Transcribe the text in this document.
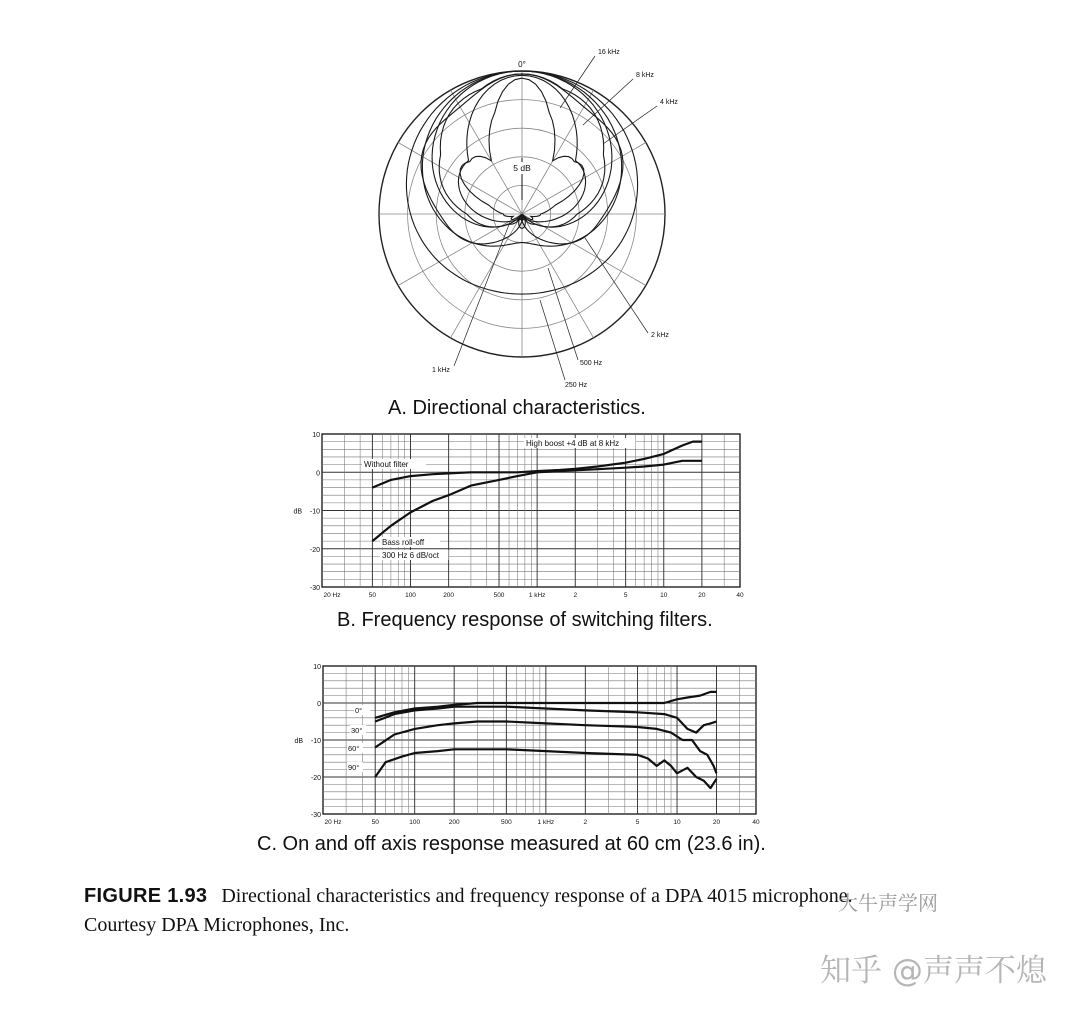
0°
5 dB
16 kHz
8 kHz
4 kHz
2 kHz
1 kHz
500 Hz
250 Hz
10
0
-10
-20
-30
dB
20 Hz	50	100	200	500	1 kHz	2	5	10	20	40
Without filter
High boost +4 dB at 8 kHz
Bass roll-off
300 Hz 6 dB/oct
10
0
-10
-20
-30
dB
20 Hz	50	100	200	500	1 kHz	2	5	10	20	40
0°
30°
60°
90°
A. Directional characteristics.
B. Frequency response of switching filters.
C. On and off axis response measured at 60 cm (23.6 in).
FIGURE 1.93 Directional characteristics and frequency response of a DPA 4015 microphone.
Courtesy DPA Microphones, Inc.
大牛声学网
知乎 @声声不熄
